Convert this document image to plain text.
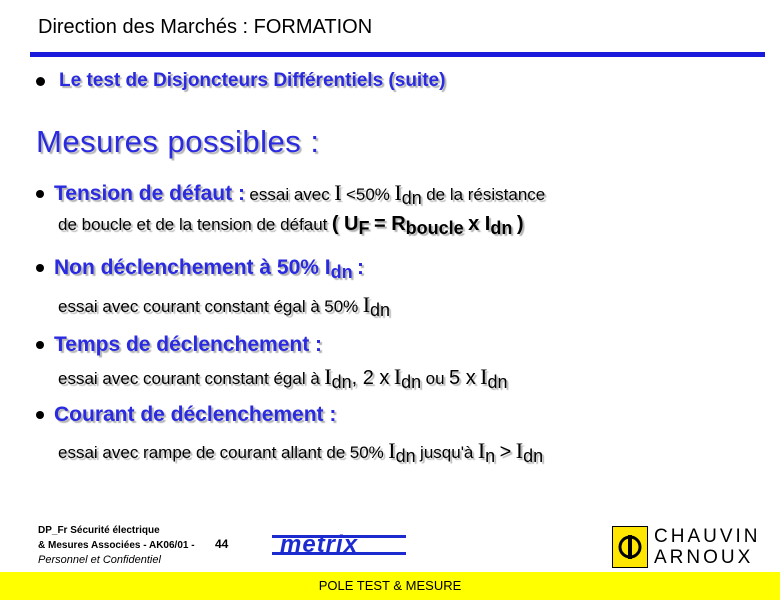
Direction des Marchés : FORMATION
Le test de Disjoncteurs Différentiels (suite)
Mesures possibles :
Tension de défaut : essai avec I <50% Idn de la résistance
de boucle et de la tension de défaut ( UF = Rboucle x Idn )
Non déclenchement à 50% Idn :
essai avec courant constant égal à 50% Idn
Temps de déclenchement :
essai avec courant constant égal à Idn, 2 x Idn ou 5 x Idn
Courant de déclenchement :
essai avec rampe de courant allant de 50% Idn jusqu'à In > Idn
DP_Fr Sécurité électrique
& Mesures Associées - AK06/01 -
Personnel et Confidentiel
44 metrix	CHAUVIN
ARNOUX
POLE TEST & MESURE
